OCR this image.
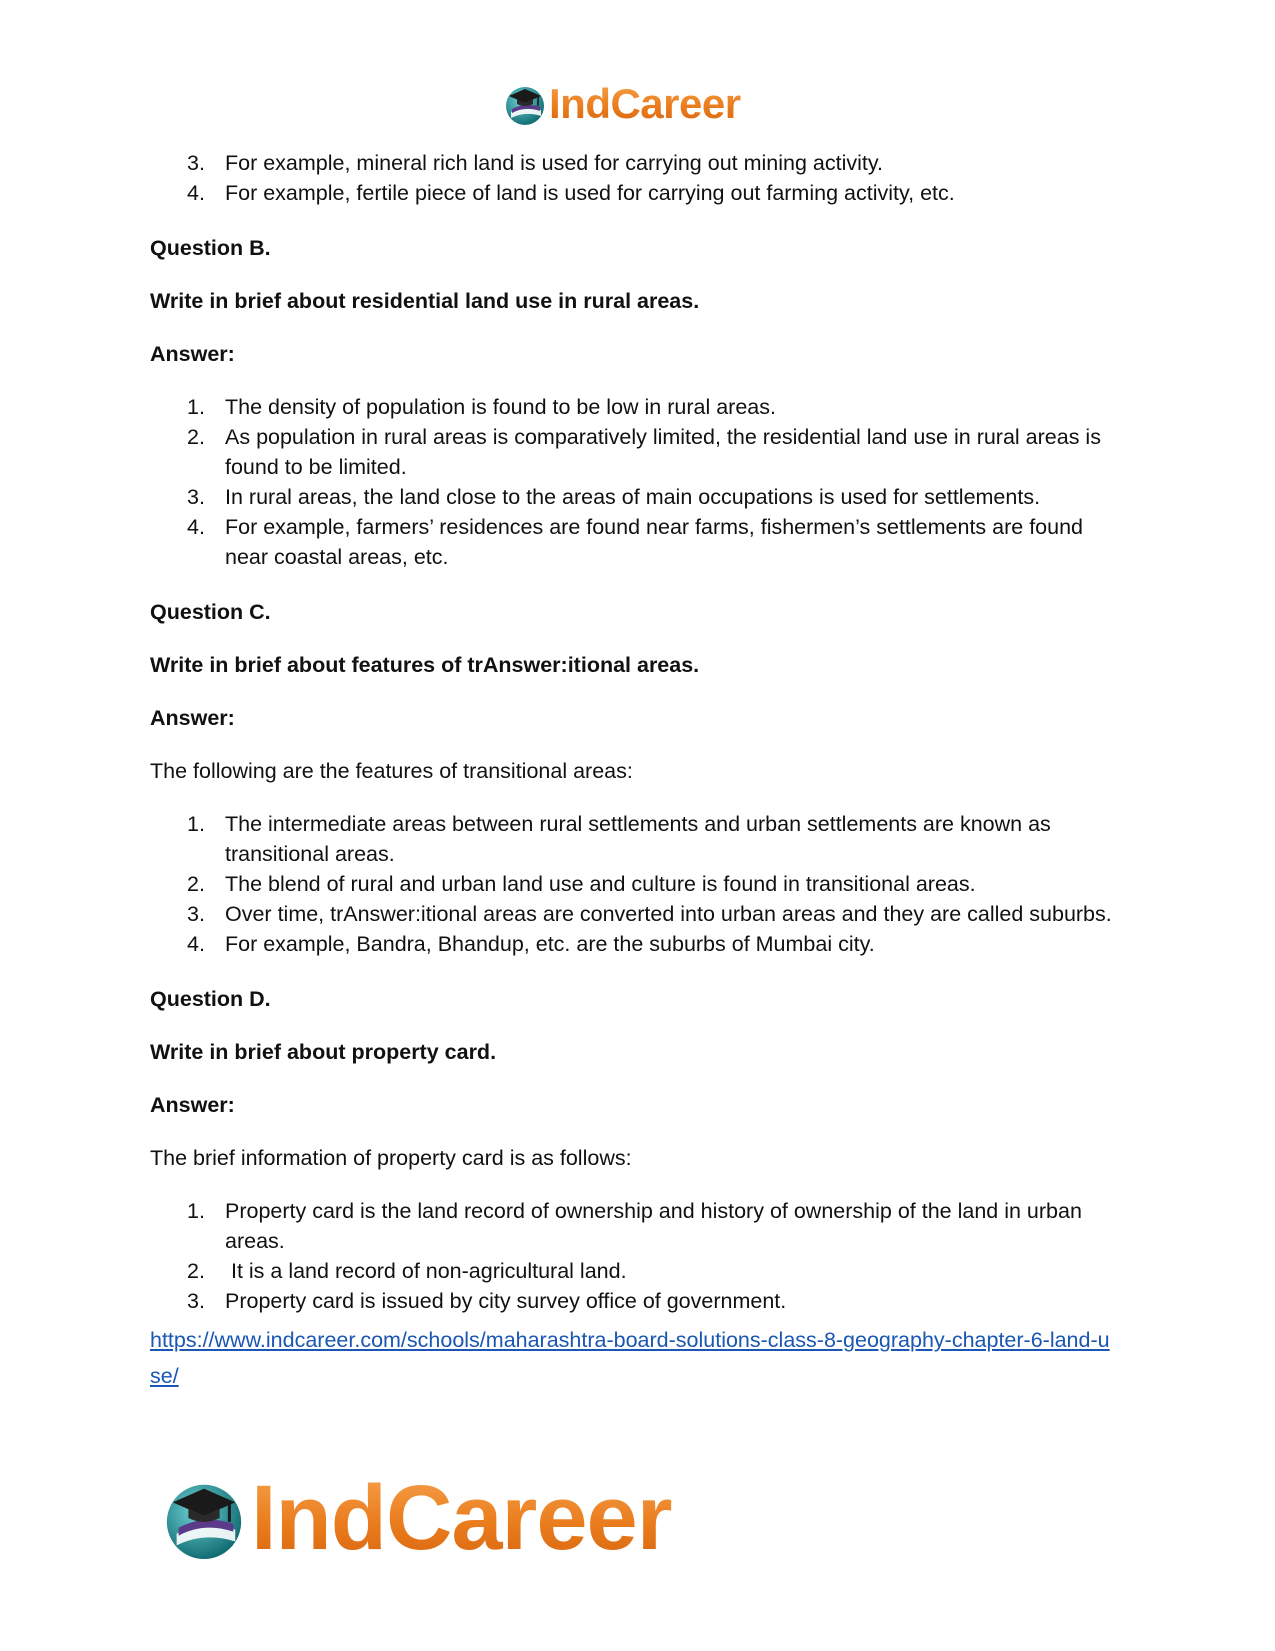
IndCareer
3. For example, mineral rich land is used for carrying out mining activity.
4. For example, fertile piece of land is used for carrying out farming activity, etc.

Question B.

Write in brief about residential land use in rural areas.

Answer:

1. The density of population is found to be low in rural areas.
2. As population in rural areas is comparatively limited, the residential land use in rural areas is found to be limited.
3. In rural areas, the land close to the areas of main occupations is used for settlements.
4. For example, farmers’ residences are found near farms, fishermen’s settlements are found near coastal areas, etc.

Question C.

Write in brief about features of trAnswer:itional areas.

Answer:

The following are the features of transitional areas:

1. The intermediate areas between rural settlements and urban settlements are known as transitional areas.
2. The blend of rural and urban land use and culture is found in transitional areas.
3. Over time, trAnswer:itional areas are converted into urban areas and they are called suburbs.
4. For example, Bandra, Bhandup, etc. are the suburbs of Mumbai city.

Question D.

Write in brief about property card.

Answer:

The brief information of property card is as follows:

1. Property card is the land record of ownership and history of ownership of the land in urban areas.
2. It is a land record of non-agricultural land.
3. Property card is issued by city survey office of government.
https://www.indcareer.com/schools/maharashtra-board-solutions-class-8-geography-chapter-6-land-use/
IndCareer
